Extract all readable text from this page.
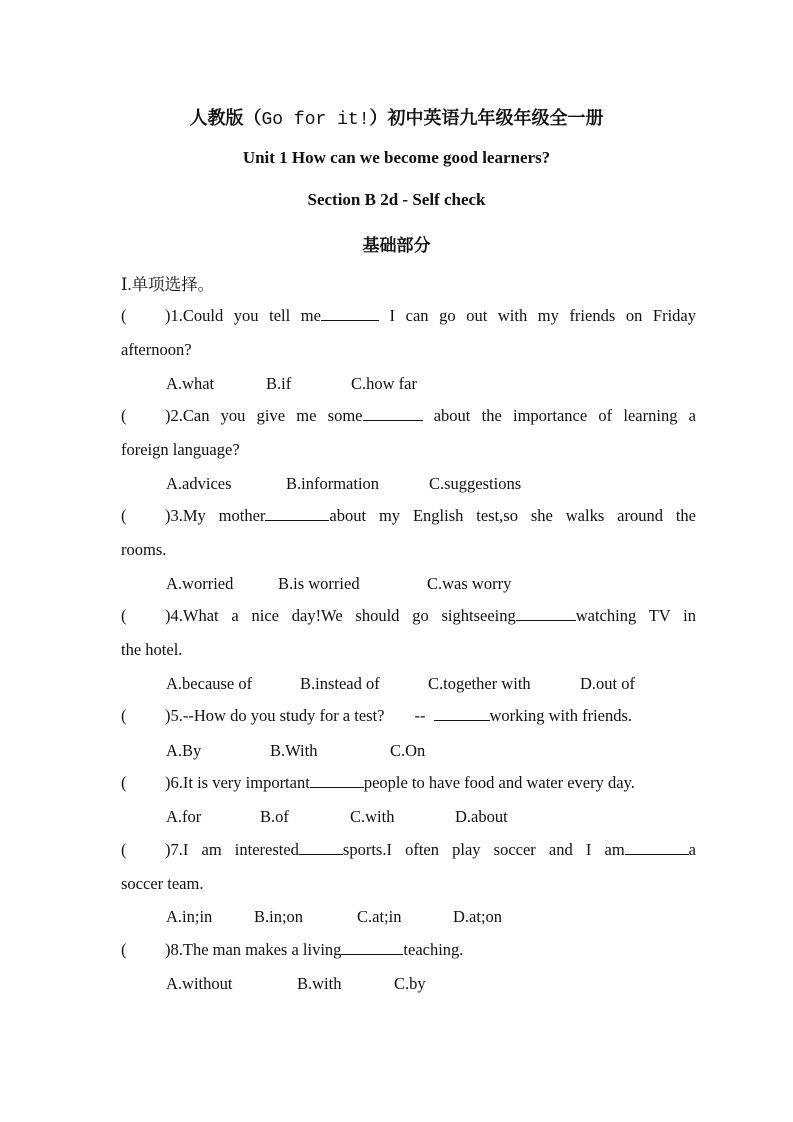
人教版（Go for it!）初中英语九年级年级全一册
Unit 1 How can we become good learners?
Section B 2d - Self check
基础部分
Ⅰ.单项选择。
( )1.Could you tell me	I can go out with my friends on Friday
afternoon?
A.what	B.if	C.how far
( )2.Can you give me some	about the importance of learning a
foreign language?
A.advices	B.information	C.suggestions
( )3.My mother	about my English test,so she walks around the
rooms.
A.worried	B.is worried	C.was worry
( )4.What a nice day!We should go sightseeing	watching TV in
the hotel.
A.because of	B.instead of	C.together with	D.out of
( )5.--How do you study for a test? --	working with friends.
A.By	B.With	C.On
( )6.It is very important	people to have food and water every day.
A.for	B.of	C.with	D.about
( )7.I am interested	sports.I often play soccer and I am	a
soccer team.
A.in;in	B.in;on	C.at;in	D.at;on
( )8.The man makes a living	teaching.
A.without	B.with	C.by
